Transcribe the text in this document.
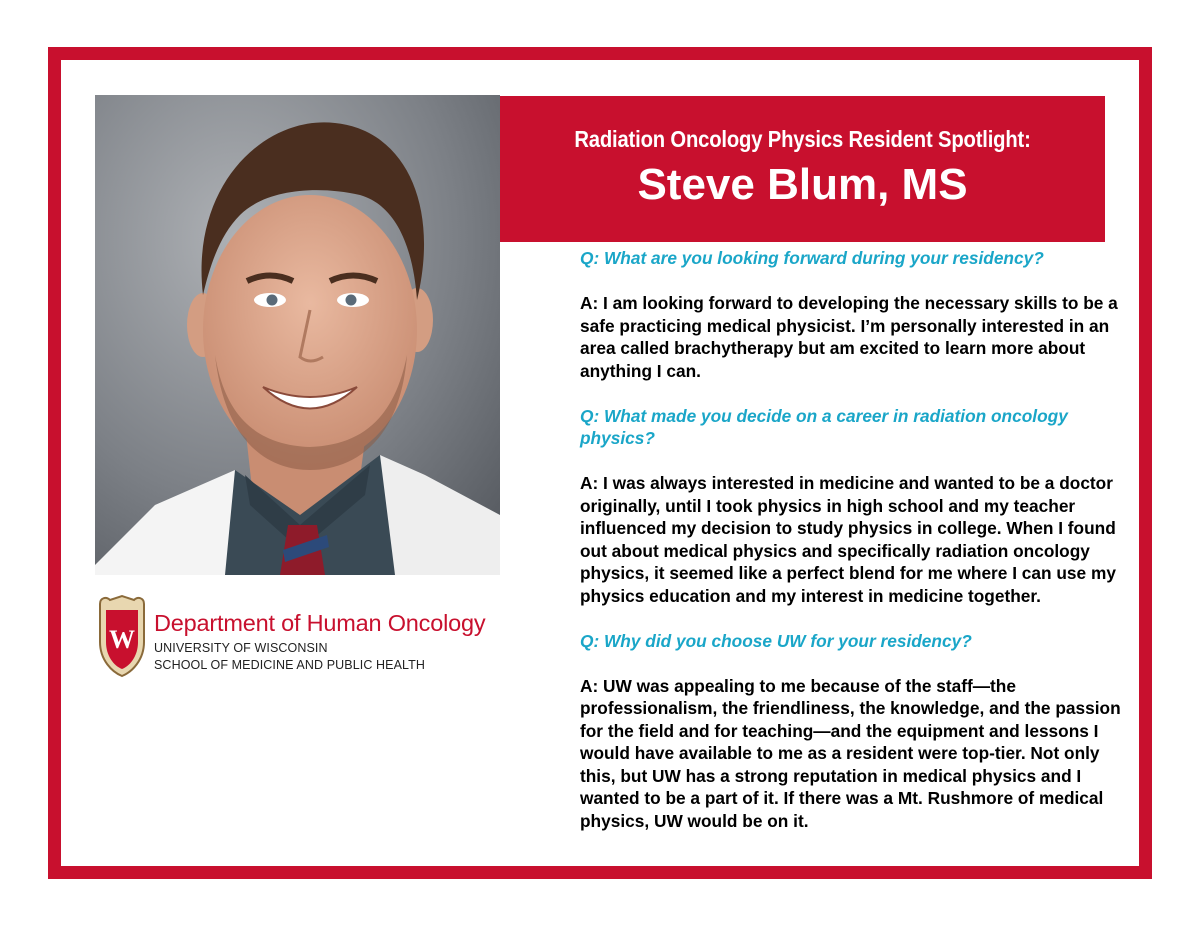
Radiation Oncology Physics Resident Spotlight:
Steve Blum, MS
W
Department of Human Oncology
UNIVERSITY OF WISCONSIN
SCHOOL OF MEDICINE AND PUBLIC HEALTH

Q: What are you looking forward during your residency?

A: I am looking forward to developing the necessary skills to be a safe practicing medical physicist. I’m personally interested in an area called brachytherapy but am excited to learn more about anything I can.

Q: What made you decide on a career in radiation oncology physics?

A: I was always interested in medicine and wanted to be a doctor originally, until I took physics in high school and my teacher influenced my decision to study physics in college. When I found out about medical physics and specifically radiation oncology physics, it seemed like a perfect blend for me where I can use my physics education and my interest in medicine together.

Q: Why did you choose UW for your residency?

A: UW was appealing to me because of the staff—the professionalism, the friendliness, the knowledge, and the passion for the field and for teaching—and the equipment and lessons I would have available to me as a resident were top-tier. Not only this, but UW has a strong reputation in medical physics and I wanted to be a part of it. If there was a Mt. Rushmore of medical physics, UW would be on it.
